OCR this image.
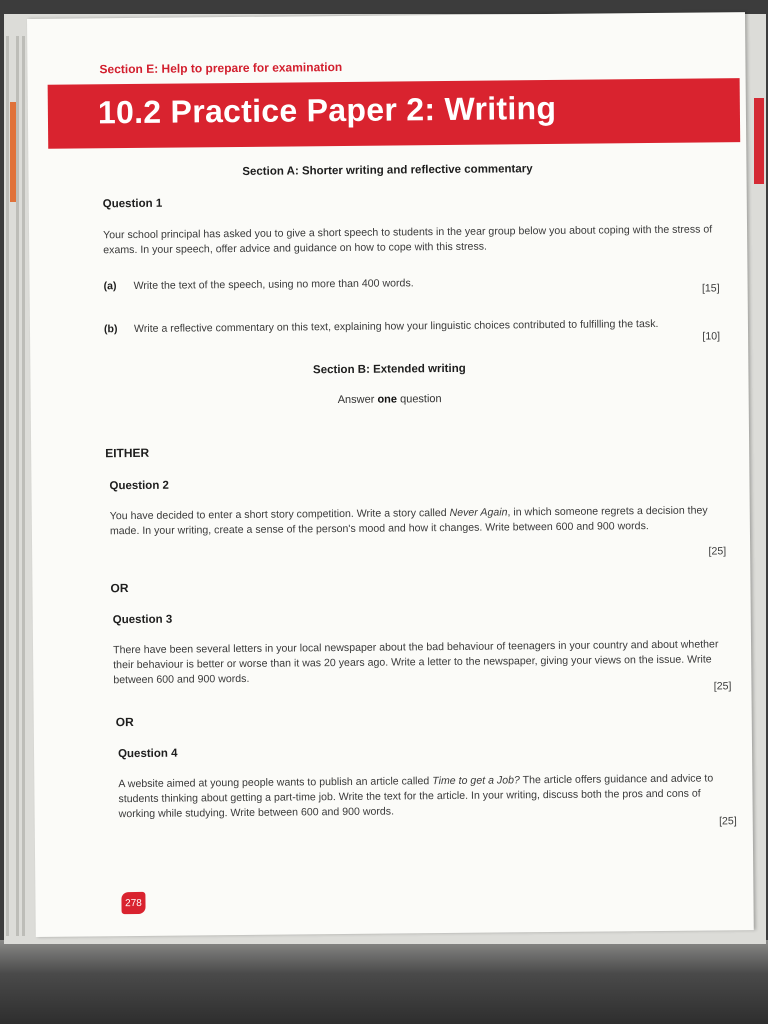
Section E: Help to prepare for examination
10.2 Practice Paper 2: Writing
Section A: Shorter writing and reflective commentary
Question 1
Your school principal has asked you to give a short speech to students in the year group below you about coping with the stress of exams. In your speech, offer advice and guidance on how to cope with this stress.
(a) Write the text of the speech, using no more than 400 words.	[15]
(b) Write a reflective commentary on this text, explaining how your linguistic choices contributed to fulfilling the task.
[10]
Section B: Extended writing
Answer one question
EITHER
Question 2
You have decided to enter a short story competition. Write a story called Never Again, in which someone regrets a decision they made. In your writing, create a sense of the person's mood and how it changes. Write between 600 and 900 words.
[25]
OR
Question 3
There have been several letters in your local newspaper about the bad behaviour of teenagers in your country and about whether their behaviour is better or worse than it was 20 years ago. Write a letter to the newspaper, giving your views on the issue. Write between 600 and 900 words.
[25]
OR
Question 4
A website aimed at young people wants to publish an article called Time to get a Job? The article offers guidance and advice to students thinking about getting a part-time job. Write the text for the article. In your writing, discuss both the pros and cons of working while studying. Write between 600 and 900 words.
[25]
278
